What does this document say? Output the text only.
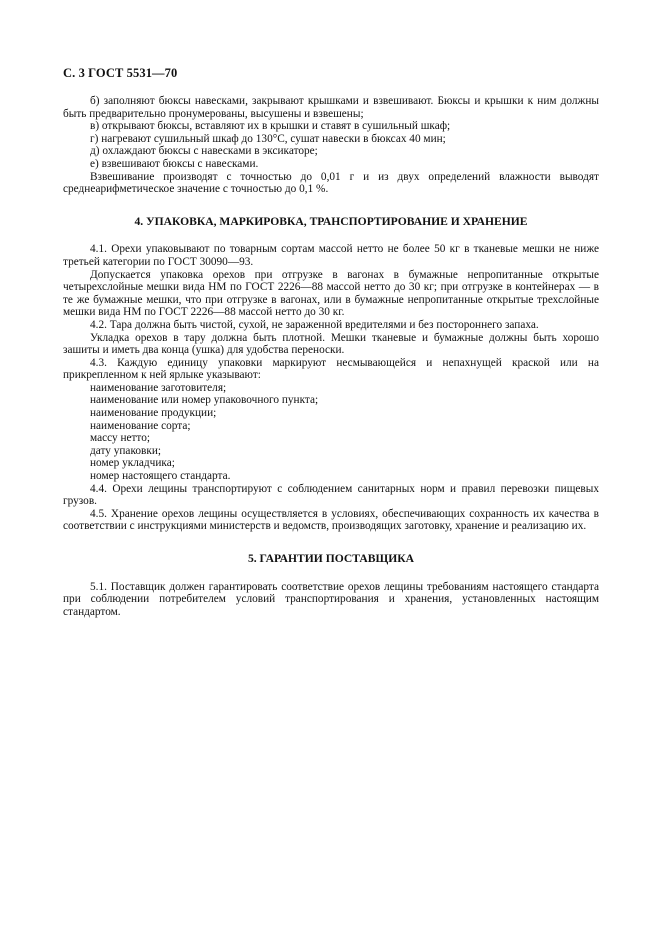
С. 3 ГОСТ 5531—70

б) заполняют бюксы навесками, закрывают крышками и взвешивают. Бюксы и крышки к ним должны быть предварительно пронумерованы, высушены и взвешены;

в) открывают бюксы, вставляют их в крышки и ставят в сушильный шкаф;

г) нагревают сушильный шкаф до 130°С, сушат навески в бюксах 40 мин;

д) охлаждают бюксы с навесками в эксикаторе;

е) взвешивают бюксы с навесками.

Взвешивание производят с точностью до 0,01 г и из двух определений влажности выводят среднеарифметическое значение с точностью до 0,1 %.

4. УПАКОВКА, МАРКИРОВКА, ТРАНСПОРТИРОВАНИЕ И ХРАНЕНИЕ

4.1. Орехи упаковывают по товарным сортам массой нетто не более 50 кг в тканевые мешки не ниже третьей категории по ГОСТ 30090—93.

Допускается упаковка орехов при отгрузке в вагонах в бумажные непропитанные открытые четырехслойные мешки вида НМ по ГОСТ 2226—88 массой нетто до 30 кг; при отгрузке в контейнерах — в те же бумажные мешки, что при отгрузке в вагонах, или в бумажные непропитанные открытые трехслойные мешки вида НМ по ГОСТ 2226—88 массой нетто до 30 кг.

4.2. Тара должна быть чистой, сухой, не зараженной вредителями и без постороннего запаха.

Укладка орехов в тару должна быть плотной. Мешки тканевые и бумажные должны быть хорошо зашиты и иметь два конца (ушка) для удобства переноски.

4.3. Каждую единицу упаковки маркируют несмывающейся и непахнущей краской или на прикрепленном к ней ярлыке указывают:

наименование заготовителя;

наименование или номер упаковочного пункта;

наименование продукции;

наименование сорта;

массу нетто;

дату упаковки;

номер укладчика;

номер настоящего стандарта.

4.4. Орехи лещины транспортируют с соблюдением санитарных норм и правил перевозки пищевых грузов.

4.5. Хранение орехов лещины осуществляется в условиях, обеспечивающих сохранность их качества в соответствии с инструкциями министерств и ведомств, производящих заготовку, хранение и реализацию их.

5. ГАРАНТИИ ПОСТАВЩИКА

5.1. Поставщик должен гарантировать соответствие орехов лещины требованиям настоящего стандарта при соблюдении потребителем условий транспортирования и хранения, установленных настоящим стандартом.
